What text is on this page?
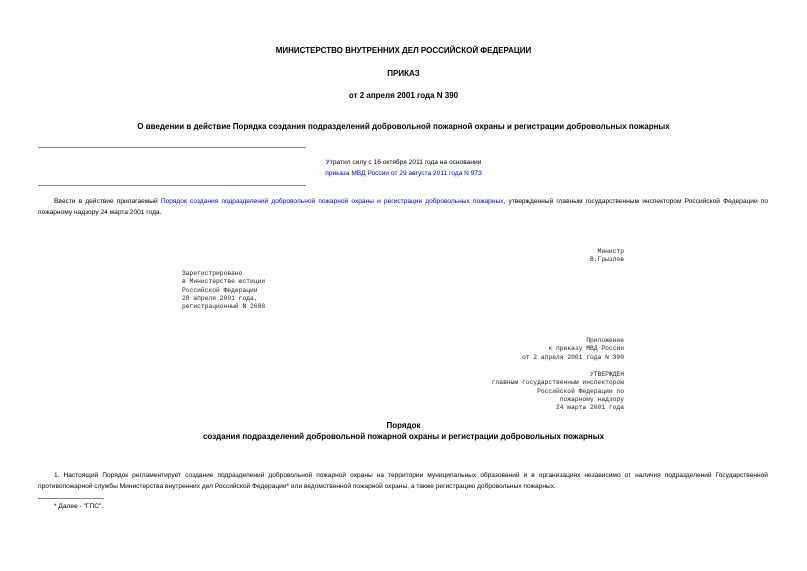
МИНИСТЕРСТВО ВНУТРЕННИХ ДЕЛ РОССИЙСКОЙ ФЕДЕРАЦИИ
ПРИКАЗ
от 2 апреля 2001 года N 390
О введении в действие Порядка создания подразделений добровольной пожарной охраны и регистрации добровольных пожарных
Утратил силу с 16 октября 2011 года на основании
приказа МВД России от 29 августа 2011 года N 973
Ввести в действие прилагаемый Порядок создания подразделений добровольной пожарной охраны и регистрации добровольных пожарных, утвержденный главным государственным инспектором Российской Федерации по пожарному надзору 24 марта 2001 года.
Министр
В.Грызлов
Зарегистрировано
в Министерстве юстиции
Российской Федерации
28 апреля 2001 года,
регистрационный N 2688
Приложение
к приказу МВД России
от 2 апреля 2001 года N 390
УТВЕРЖДЕН
главным государственным инспектором
Российской Федерации по
пожарному надзору
24 марта 2001 года
Порядок
создания подразделений добровольной пожарной охраны и регистрации добровольных пожарных
1. Настоящий Порядок регламентирует создание подразделений добровольной пожарной охраны на территории муниципальных образований и в организациях независимо от наличия подразделений Государственной противопожарной службы Министерства внутренних дел Российской Федерации* или ведомственной пожарной охраны, а также регистрацию добровольных пожарных.
* Далее - "ГПС".
